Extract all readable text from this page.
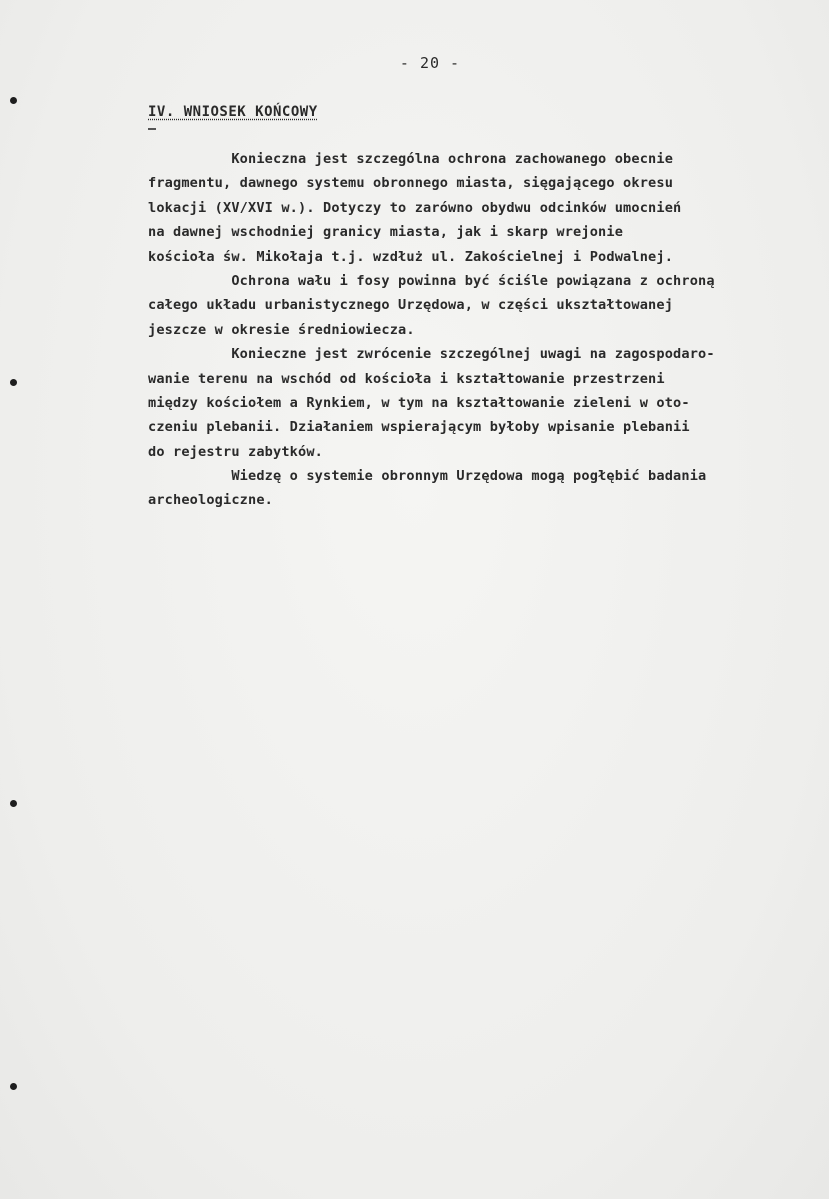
- 20 -
IV. WNIOSEK KOŃCOWY
Konieczna jest szczególna ochrona zachowanego obecnie
fragmentu, dawnego systemu obronnego miasta, sięgającego okresu
lokacji (XV/XVI w.). Dotyczy to zarówno obydwu odcinków umocnień
na dawnej wschodniej granicy miasta, jak i skarp wrejonie
kościoła św. Mikołaja t.j. wzdłuż ul. Zakościelnej i Podwalnej.
Ochrona wału i fosy powinna być ściśle powiązana z ochroną
całego układu urbanistycznego Urzędowa, w części ukształtowanej
jeszcze w okresie średniowiecza.
Konieczne jest zwrócenie szczególnej uwagi na zagospodaro-
wanie terenu na wschód od kościoła i kształtowanie przestrzeni
między kościołem a Rynkiem, w tym na kształtowanie zieleni w oto-
czeniu plebanii. Działaniem wspierającym byłoby wpisanie plebanii
do rejestru zabytków.
Wiedzę o systemie obronnym Urzędowa mogą pogłębić badania
archeologiczne.
